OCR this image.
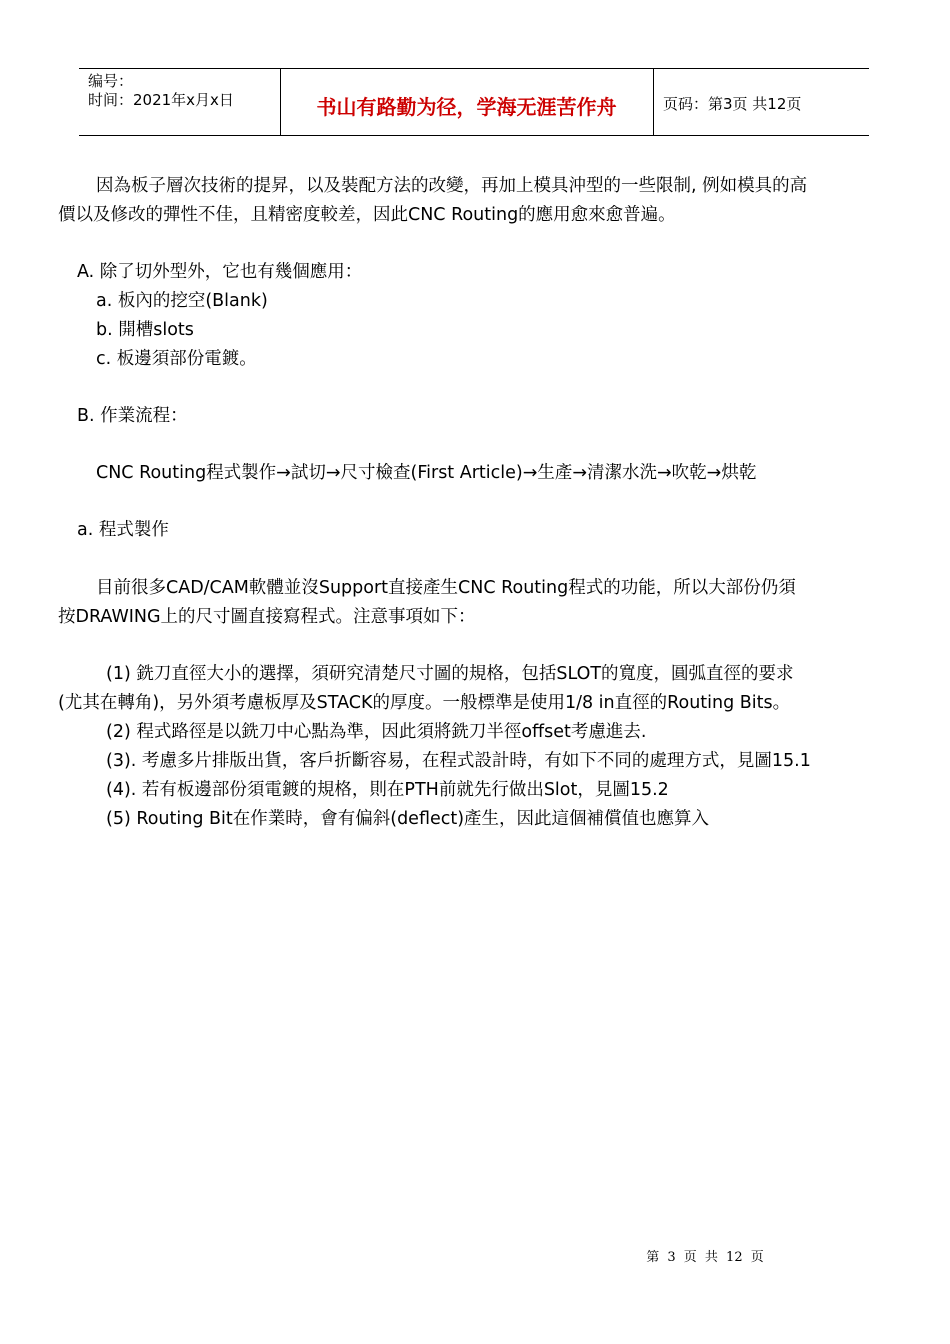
编号：
时间：2021年x月x日	书山有路勤为径，学海无涯苦作舟	页码：第3页 共12页

因為板子層次技術的提昇，以及裝配方法的改變，再加上模具沖型的一些限制, 例如模具的高

價以及修改的彈性不佳，且精密度較差，因此CNC Routing的應用愈來愈普遍。

A. 除了切外型外，它也有幾個應用：

a. 板內的挖空(Blank)

b. 開槽slots

c. 板邊須部份電鍍。

B. 作業流程：

CNC Routing程式製作→試切→尺寸檢查(First Article)→生產→清潔水洗→吹乾→烘乾

a. 程式製作

目前很多CAD/CAM軟體並沒Support直接產生CNC Routing程式的功能，所以大部份仍須

按DRAWING上的尺寸圖直接寫程式。注意事項如下：

(1) 銑刀直徑大小的選擇，須研究清楚尺寸圖的規格，包括SLOT的寬度，圓弧直徑的要求

(尤其在轉角)，另外須考慮板厚及STACK的厚度。一般標準是使用1/8 in直徑的Routing Bits。

(2) 程式路徑是以銑刀中心點為準，因此須將銑刀半徑offset考慮進去.

(3). 考慮多片排版出貨，客戶折斷容易，在程式設計時，有如下不同的處理方式，見圖15.1

(4). 若有板邊部份須電鍍的規格，則在PTH前就先行做出Slot，見圖15.2

(5) Routing Bit在作業時，會有偏斜(deflect)產生，因此這個補償值也應算入

第 3 页 共 12 页
